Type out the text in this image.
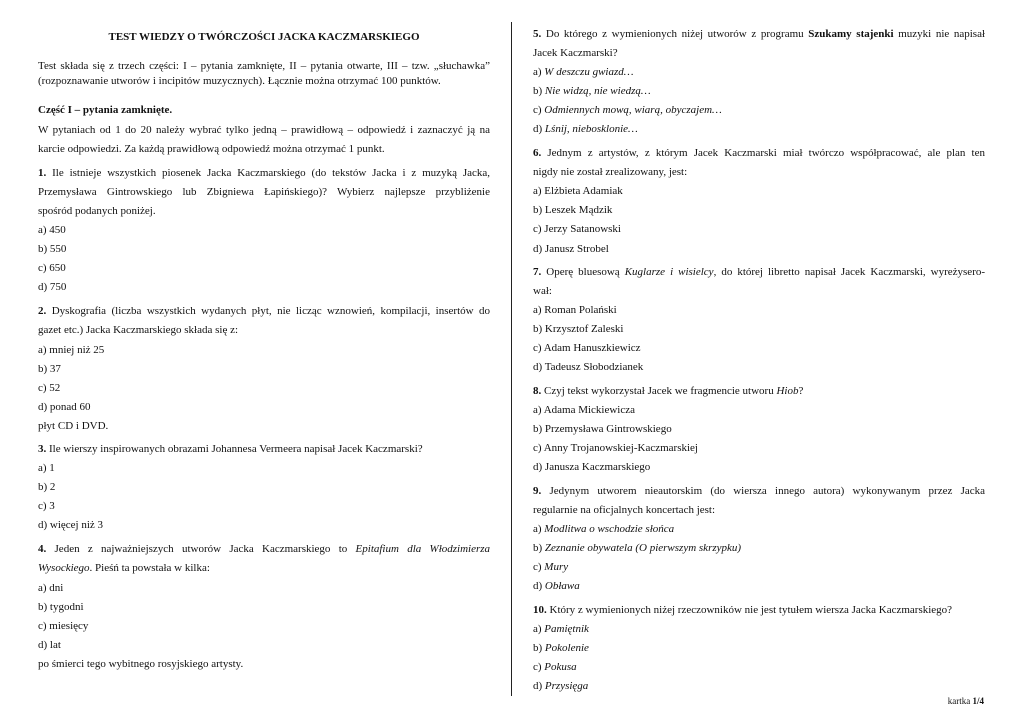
TEST WIEDZY O TWÓRCZOŚCI JACKA KACZMARSKIEGO
Test składa się z trzech części: I – pytania zamknięte, II – pytania otwarte, III – tzw. „słuchawka”
(rozpoznawanie utworów i incipitów muzycznych). Łącznie można otrzymać 100 punktów.
Część I – pytania zamknięte.
W pytaniach od 1 do 20 należy wybrać tylko jedną – prawidłową – odpowiedź i zaznaczyć ją na
karcie odpowiedzi. Za każdą prawidłową odpowiedź można otrzymać 1 punkt.
1. Ile istnieje wszystkich piosenek Jacka Kaczmarskiego (do tekstów Jacka i z muzyką Jacka,
Przemysława Gintrowskiego lub Zbigniewa Łapińskiego)? Wybierz najlepsze przybliżenie
spośród podanych poniżej.
a) 450
b) 550
c) 650
d) 750
2. Dyskografia (liczba wszystkich wydanych płyt, nie licząc wznowień, kompilacji, insertów do
gazet etc.) Jacka Kaczmarskiego składa się z:
a) mniej niż 25
b) 37
c) 52
d) ponad 60
płyt CD i DVD.
3. Ile wierszy inspirowanych obrazami Johannesa Vermeera napisał Jacek Kaczmarski?
a) 1
b) 2
c) 3
d) więcej niż 3
4. Jeden z najważniejszych utworów Jacka Kaczmarskiego to Epitafium dla Włodzimierza
Wysockiego. Pieśń ta powstała w kilka:
a) dni
b) tygodni
c) miesięcy
d) lat
po śmierci tego wybitnego rosyjskiego artysty.
5. Do którego z wymienionych niżej utworów z programu Szukamy stajenki muzyki nie napisał
Jacek Kaczmarski?
a) W deszczu gwiazd…
b) Nie widzą, nie wiedzą…
c) Odmiennych mową, wiarą, obyczajem…
d) Lśnij, niebosklonie…
6. Jednym z artystów, z którym Jacek Kaczmarski miał twórczo współpracować, ale plan ten
nigdy nie został zrealizowany, jest:
a) Elżbieta Adamiak
b) Leszek Mądzik
c) Jerzy Satanowski
d) Janusz Strobel
7. Operę bluesową Kuglarze i wisielcy, do której libretto napisał Jacek Kaczmarski, wyreżysero-
wał:
a) Roman Polański
b) Krzysztof Zaleski
c) Adam Hanuszkiewicz
d) Tadeusz Słobodzianek
8. Czyj tekst wykorzystał Jacek we fragmencie utworu Hiob?
a) Adama Mickiewicza
b) Przemysława Gintrowskiego
c) Anny Trojanowskiej-Kaczmarskiej
d) Janusza Kaczmarskiego
9. Jedynym utworem nieautorskim (do wiersza innego autora) wykonywanym przez Jacka
regularnie na oficjalnych koncertach jest:
a) Modlitwa o wschodzie słońca
b) Zeznanie obywatela (O pierwszym skrzypku)
c) Mury
d) Obława
10. Który z wymienionych niżej rzeczowników nie jest tytułem wiersza Jacka Kaczmarskiego?
a) Pamiętnik
b) Pokolenie
c) Pokusa
d) Przysięga
kartka 1/4
